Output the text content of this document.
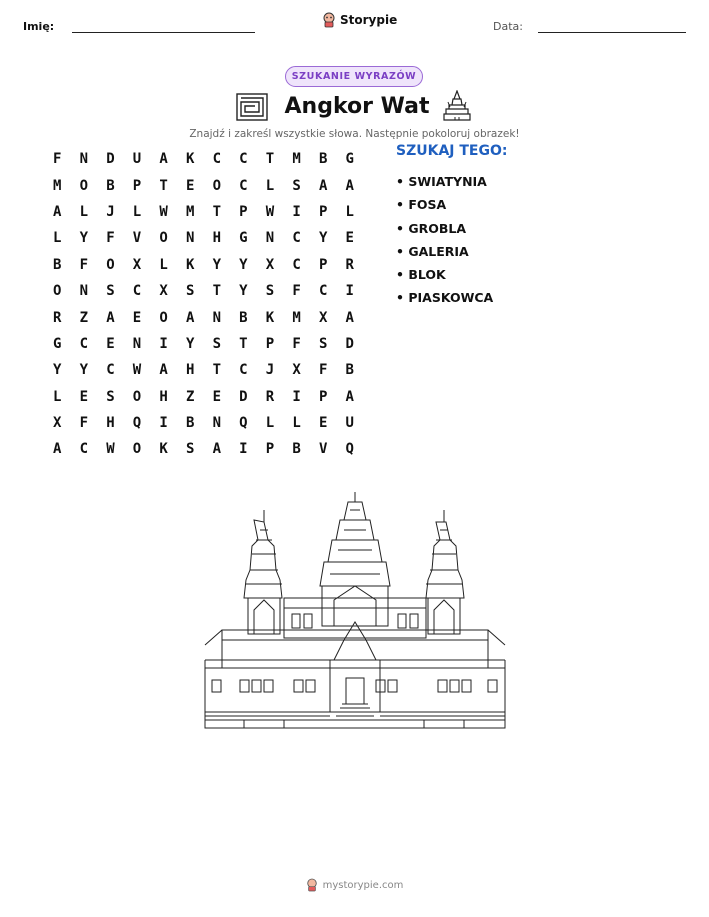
Imię:	Storypie	Data:
SZUKANIE WYRAZÓW
Angkor Wat
Znajdź i zakreśl wszystkie słowa. Następnie pokoloruj obrazek!
F	N	D	U	A	K	C	C	T	M	B	G
M	O	B	P	T	E	O	C	L	S	A	A
A	L	J	L	W	M	T	P	W	I	P	L
L	Y	F	V	O	N	H	G	N	C	Y	E
B	F	O	X	L	K	Y	Y	X	C	P	R
O	N	S	C	X	S	T	Y	S	F	C	I
R	Z	A	E	O	A	N	B	K	M	X	A
G	C	E	N	I	Y	S	T	P	F	S	D
Y	Y	C	W	A	H	T	C	J	X	F	B
L	E	S	O	H	Z	E	D	R	I	P	A
X	F	H	Q	I	B	N	Q	L	L	E	U
A	C	W	O	K	S	A	I	P	B	V	Q
SZUKAJ TEGO:
• SWIATYNIA
• FOSA
• GROBLA
• GALERIA
• BLOK
• PIASKOWCA
mystorypie.com
